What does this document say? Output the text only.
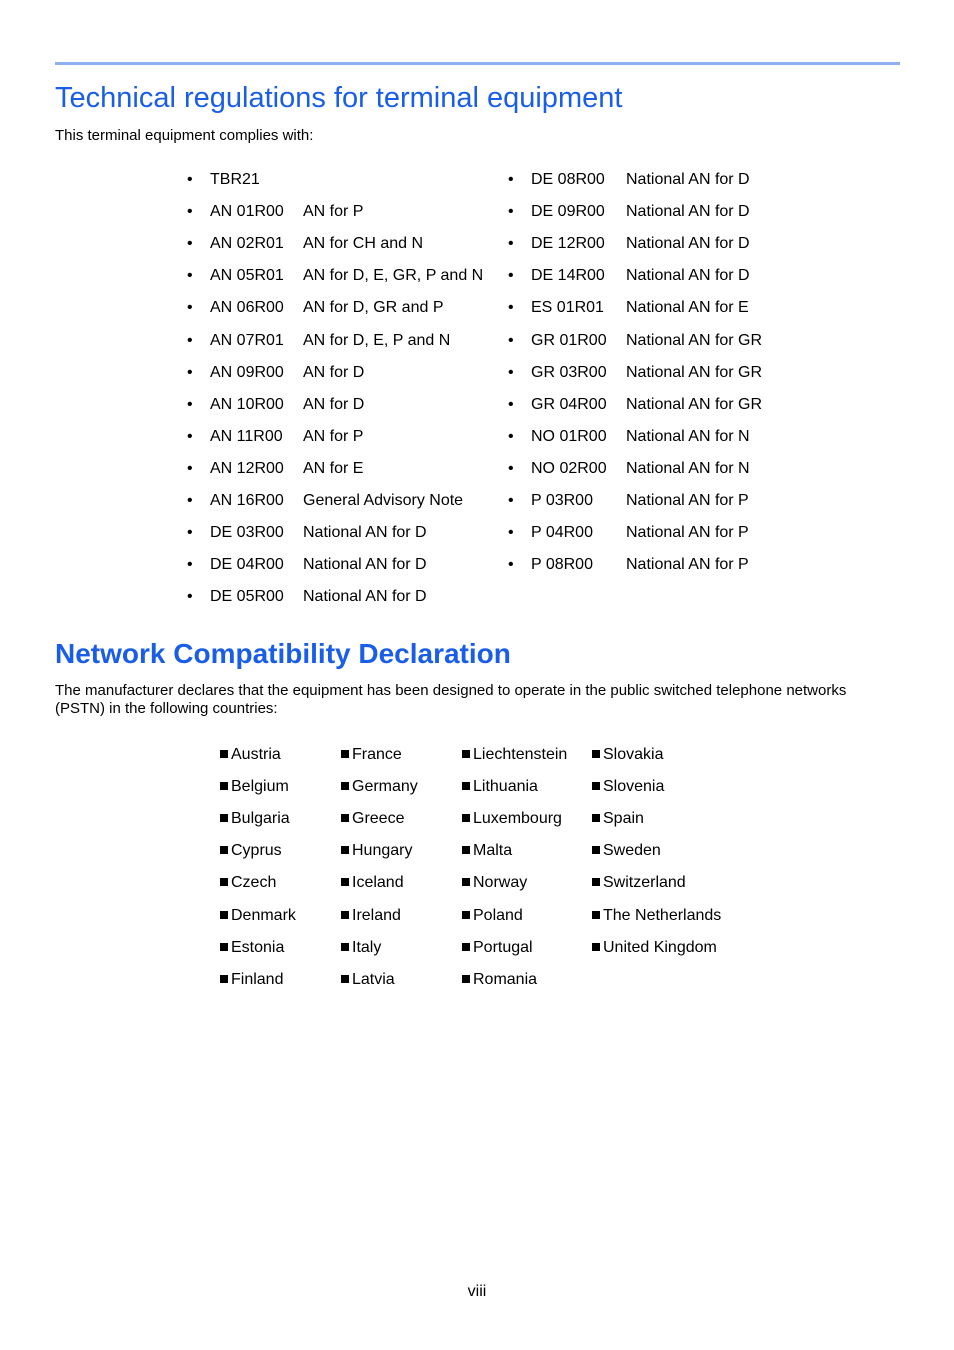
Technical regulations for terminal equipment
This terminal equipment complies with:
• TBR21
• AN 01R00 AN for P
• AN 02R01 AN for CH and N
• AN 05R01 AN for D, E, GR, P and N
• AN 06R00 AN for D, GR and P
• AN 07R01 AN for D, E, P and N
• AN 09R00 AN for D
• AN 10R00 AN for D
• AN 11R00 AN for P
• AN 12R00 AN for E
• AN 16R00 General Advisory Note
• DE 03R00 National AN for D
• DE 04R00 National AN for D
• DE 05R00 National AN for D
• DE 08R00 National AN for D
• DE 09R00 National AN for D
• DE 12R00 National AN for D
• DE 14R00 National AN for D
• ES 01R01 National AN for E
• GR 01R00 National AN for GR
• GR 03R00 National AN for GR
• GR 04R00 National AN for GR
• NO 01R00 National AN for N
• NO 02R00 National AN for N
• P 03R00 National AN for P
• P 04R00 National AN for P
• P 08R00 National AN for P
Network Compatibility Declaration
The manufacturer declares that the equipment has been designed to operate in the public switched telephone networks (PSTN) in the following countries:
Austria
Belgium
Bulgaria
Cyprus
Czech
Denmark
Estonia
Finland
France
Germany
Greece
Hungary
Iceland
Ireland
Italy
Latvia
Liechtenstein
Lithuania
Luxembourg
Malta
Norway
Poland
Portugal
Romania
Slovakia
Slovenia
Spain
Sweden
Switzerland
The Netherlands
United Kingdom
viii
